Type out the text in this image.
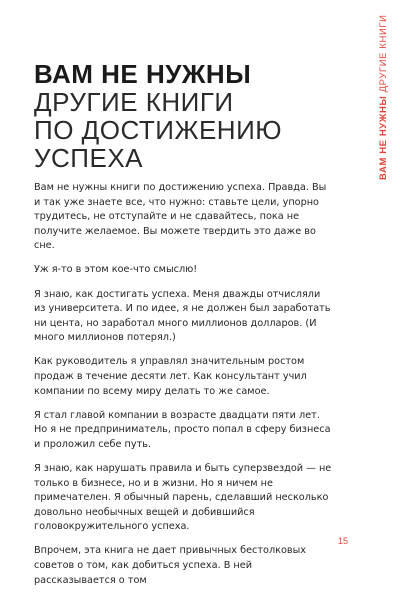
ВАМ НЕ НУЖНЫ
ДРУГИЕ КНИГИ
ПО ДОСТИЖЕНИЮ
УСПЕХА	ВАМ НЕ НУЖНЫ ДРУГИЕ КНИГИ

Вам не нужны книги по достижению успеха. Правда. Вы и так уже знаете все, что нужно: ставьте цели, упорно трудитесь, не отступайте и не сдавайтесь, пока не получите желаемое. Вы можете твердить это даже во сне.

Уж я-то в этом кое-что смыслю!

Я знаю, как достигать успеха. Меня дважды отчисляли из университета. И по идее, я не должен был заработать ни цента, но заработал много миллионов долларов. (И много миллионов потерял.)

Как руководитель я управлял значительным ростом продаж в течение десяти лет. Как консультант учил компании по всему миру делать то же самое.

Я стал главой компании в возрасте двадцати пяти лет. Но я не предприниматель, просто попал в сферу бизнеса и проложил себе путь.

Я знаю, как нарушать правила и быть суперзвездой — не только в бизнесе, но и в жизни. Но я ничем не примечателен. Я обычный парень, сделавший несколько довольно необычных вещей и добившийся головокружительного успеха.

Впрочем, эта книга не дает привычных бестолковых советов о том, как добиться успеха. В ней рассказывается о том

15
